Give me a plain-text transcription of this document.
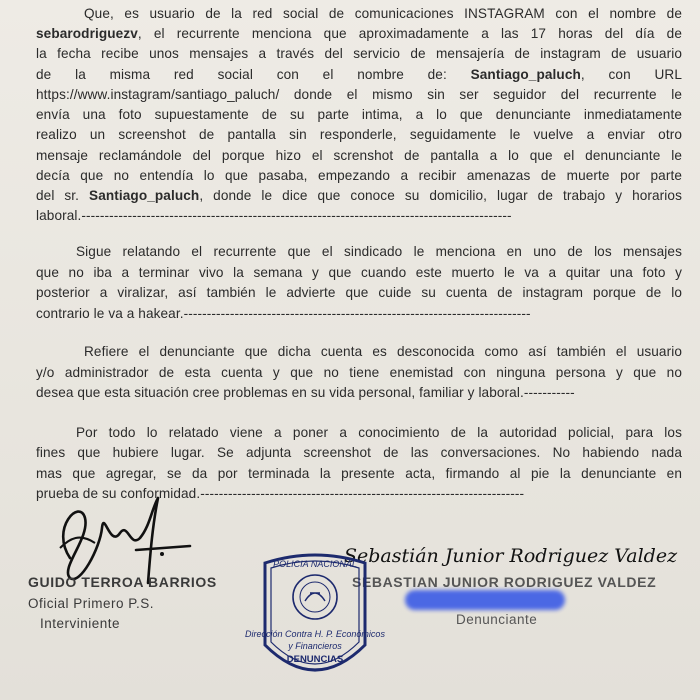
Que, es usuario de la red social de comunicaciones INSTAGRAM con el nombre de
sebarodriguezv, el recurrente menciona que aproximadamente a las 17 horas del día de
la fecha recibe unos mensajes a través del servicio de mensajería de instagram de usuario
de la misma red social con el nombre de: Santiago_paluch, con URL
https://www.instagram/santiago_paluch/ donde el mismo sin ser seguidor del recurrente le
envía una foto supuestamente de su parte intima, a lo que denunciante inmediatamente
realizo un screenshot de pantalla sin responderle, seguidamente le vuelve a enviar otro
mensaje reclamándole del porque hizo el screnshot de pantalla a lo que el denunciante le
decía que no entendía lo que pasaba, empezando a recibir amenazas de muerte por parte
del sr. Santiago_paluch, donde le dice que conoce su domicilio, lugar de trabajo y horarios
laboral.---------------------------------------------------------------------------------------------
Sigue relatando el recurrente que el sindicado le menciona en uno de los mensajes
que no iba a terminar vivo la semana y que cuando este muerto le va a quitar una foto y
posterior a viralizar, así también le advierte que cuide su cuenta de instagram porque de lo
contrario le va a hakear.---------------------------------------------------------------------------
Refiere el denunciante que dicha cuenta es desconocida como así también el usuario
y/o administrador de esta cuenta y que no tiene enemistad con ninguna persona y que no
desea que esta situación cree problemas en su vida personal, familiar y laboral.-----------
Por todo lo relatado viene a poner a conocimiento de la autoridad policial, para los
fines que hubiere lugar. Se adjunta screenshot de las conversaciones. No habiendo nada
mas que agregar, se da por terminada la presente acta, firmando al pie la denunciante en
prueba de su conformidad.----------------------------------------------------------------------
GUIDO TERROA BARRIOS
Oficial Primero P.S.
Interviniente
Sebastián Junior Rodriguez Valdez
SEBASTIAN JUNIOR RODRIGUEZ VALDEZ
Denunciante
POLICIA NACIONAL
Dirección Contra H. P. Económicos
y Financieros
DENUNCIAS
